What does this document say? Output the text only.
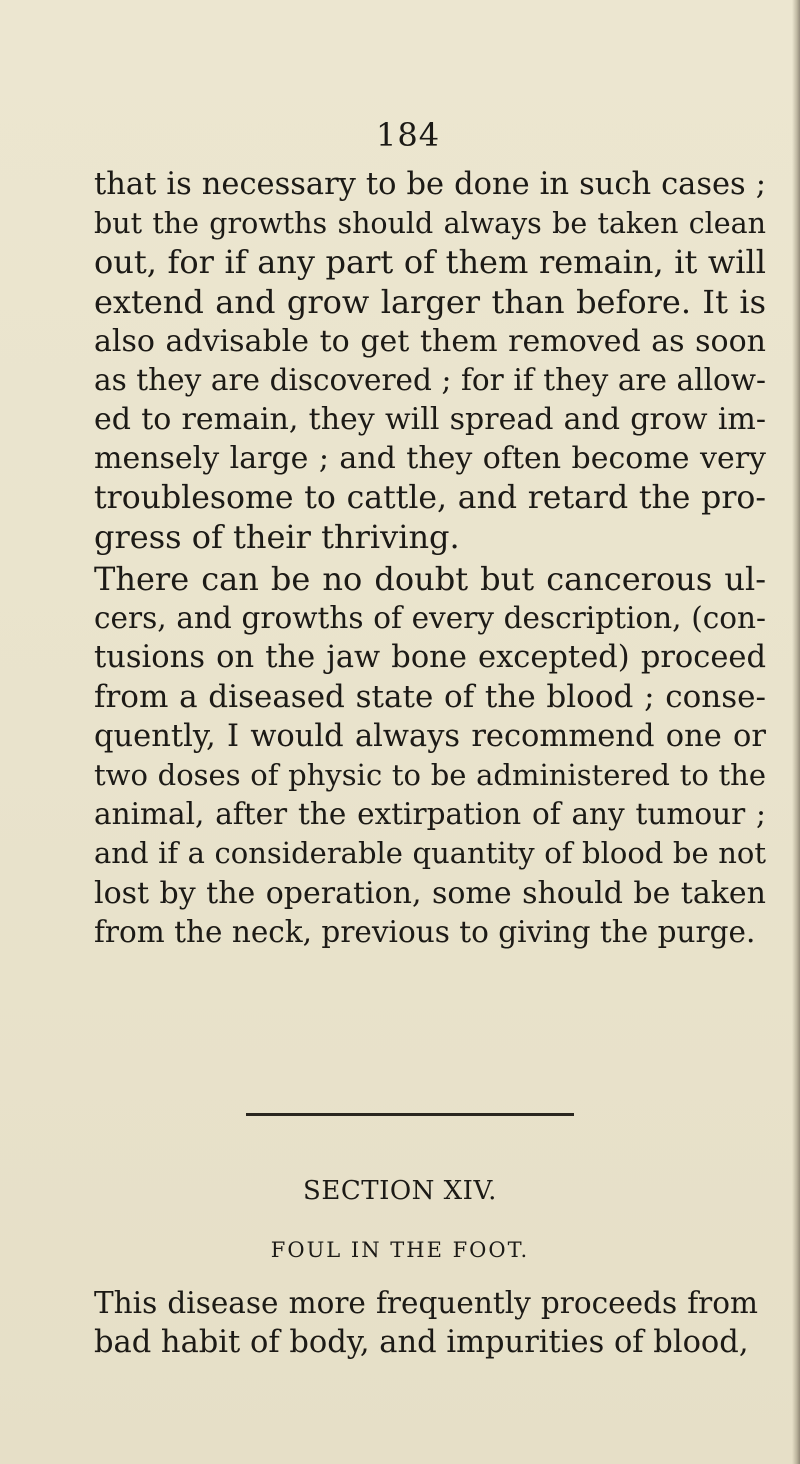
184
that is necessary to be done in such cases ;
but the growths should always be taken clean
out, for if any part of them remain, it will
extend and grow larger than before. It is
also advisable to get them removed as soon
as they are discovered ; for if they are allow-
ed to remain, they will spread and grow im-
mensely large ; and they often become very
troublesome to cattle, and retard the pro-
gress of their thriving.
There can be no doubt but cancerous ul-
cers, and growths of every description, (con-
tusions on the jaw bone excepted) proceed
from a diseased state of the blood ; conse-
quently, I would always recommend one or
two doses of physic to be administered to the
animal, after the extirpation of any tumour ;
and if a considerable quantity of blood be not
lost by the operation, some should be taken
from the neck, previous to giving the purge.
SECTION XIV.
FOUL IN THE FOOT.
This disease more frequently proceeds from
bad habit of body, and impurities of blood,
